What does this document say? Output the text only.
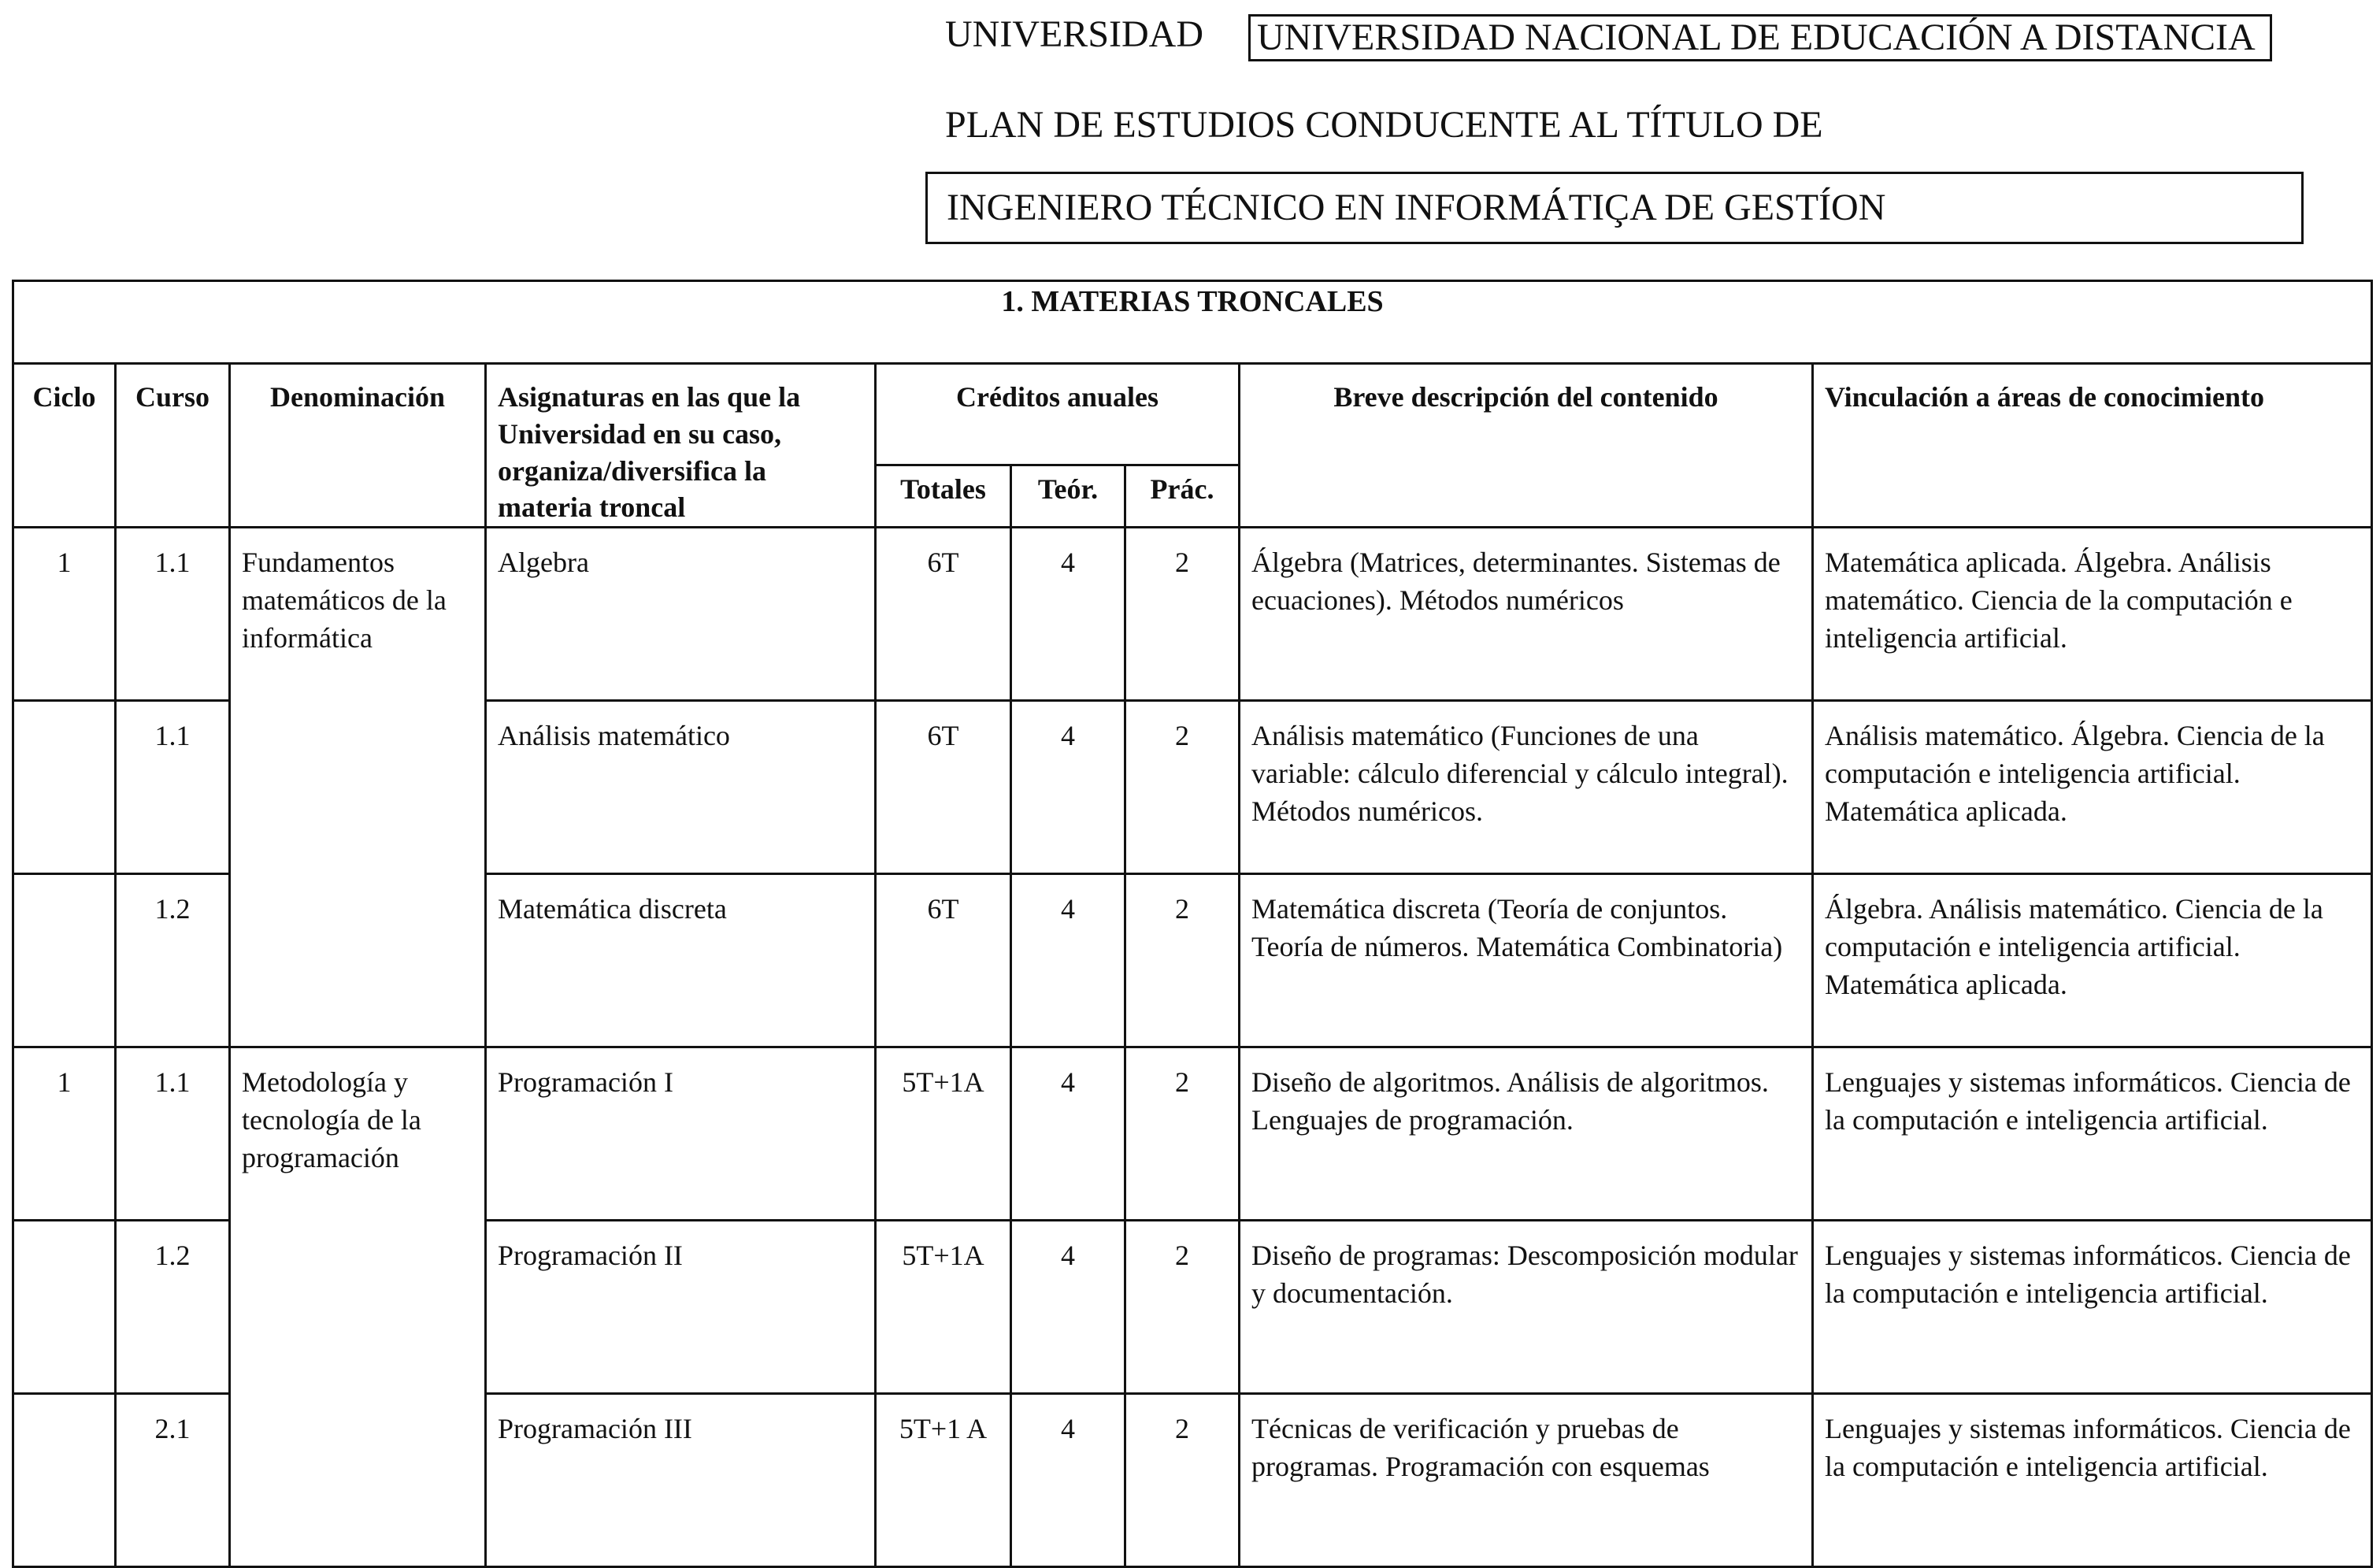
UNIVERSIDAD UNIVERSIDAD NACIONAL DE EDUCACIÓN A DISTANCIA
PLAN DE ESTUDIOS CONDUCENTE AL TÍTULO DE
INGENIERO TÉCNICO EN INFORMÁTIÇA DE GESTÍON
1. MATERIAS TRONCALES								
Ciclo	Curso	Denominación	Asignaturas en las que la Universidad en su caso, organiza/diversifica la materia troncal	Créditos anuales			Breve descripción del contenido	Vinculación a áreas de conocimiento
				Totales	Teór.	Prác.		
1	1.1	Fundamentos matemáticos de la informática	Algebra	6T	4	2	Álgebra (Matrices, determinantes. Sistemas de ecuaciones). Métodos numéricos	Matemática aplicada. Álgebra. Análisis matemático. Ciencia de la computación e inteligencia artificial.
	1.1		Análisis matemático	6T	4	2	Análisis matemático (Funciones de una variable: cálculo diferencial y cálculo integral). Métodos numéricos.	Análisis matemático. Álgebra. Ciencia de la computación e inteligencia artificial. Matemática aplicada.
	1.2		Matemática discreta	6T	4	2	Matemática discreta (Teoría de conjuntos. Teoría de números. Matemática Combinatoria)	Álgebra. Análisis matemático. Ciencia de la computación e inteligencia artificial. Matemática aplicada.
1	1.1	Metodología y tecnología de la programación	Programación I	5T+1A	4	2	Diseño de algoritmos. Análisis de algoritmos. Lenguajes de programación.	Lenguajes y sistemas informáticos. Ciencia de la computación e inteligencia artificial.
	1.2		Programación II	5T+1A	4	2	Diseño de programas: Descomposición modular y documentación.	Lenguajes y sistemas informáticos. Ciencia de la computación e inteligencia artificial.
	2.1		Programación III	5T+1 A	4	2	Técnicas de verificación y pruebas de programas. Programación con esquemas	Lenguajes y sistemas informáticos. Ciencia de la computación e inteligencia artificial.
